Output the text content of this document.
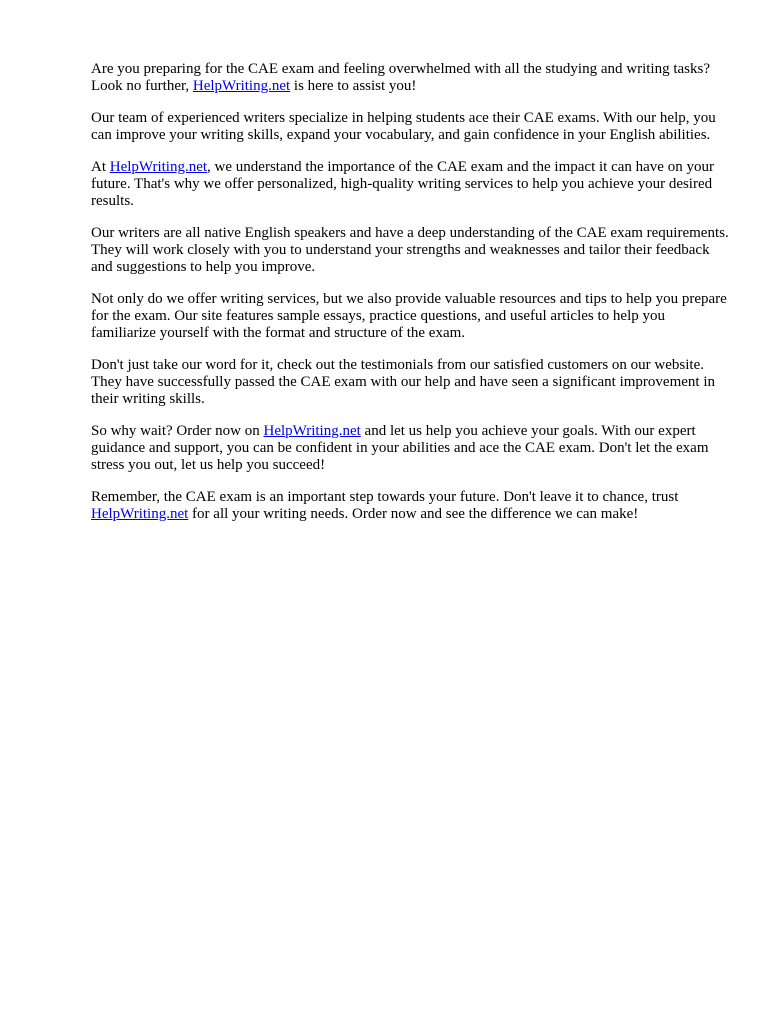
Are you preparing for the CAE exam and feeling overwhelmed with all the studying and writing tasks? Look no further, HelpWriting.net is here to assist you!

Our team of experienced writers specialize in helping students ace their CAE exams. With our help, you can improve your writing skills, expand your vocabulary, and gain confidence in your English abilities.

At HelpWriting.net, we understand the importance of the CAE exam and the impact it can have on your future. That's why we offer personalized, high-quality writing services to help you achieve your desired results.

Our writers are all native English speakers and have a deep understanding of the CAE exam requirements. They will work closely with you to understand your strengths and weaknesses and tailor their feedback and suggestions to help you improve.

Not only do we offer writing services, but we also provide valuable resources and tips to help you prepare for the exam. Our site features sample essays, practice questions, and useful articles to help you familiarize yourself with the format and structure of the exam.

Don't just take our word for it, check out the testimonials from our satisfied customers on our website. They have successfully passed the CAE exam with our help and have seen a significant improvement in their writing skills.

So why wait? Order now on HelpWriting.net and let us help you achieve your goals. With our expert guidance and support, you can be confident in your abilities and ace the CAE exam. Don't let the exam stress you out, let us help you succeed!

Remember, the CAE exam is an important step towards your future. Don't leave it to chance, trust HelpWriting.net for all your writing needs. Order now and see the difference we can make!
